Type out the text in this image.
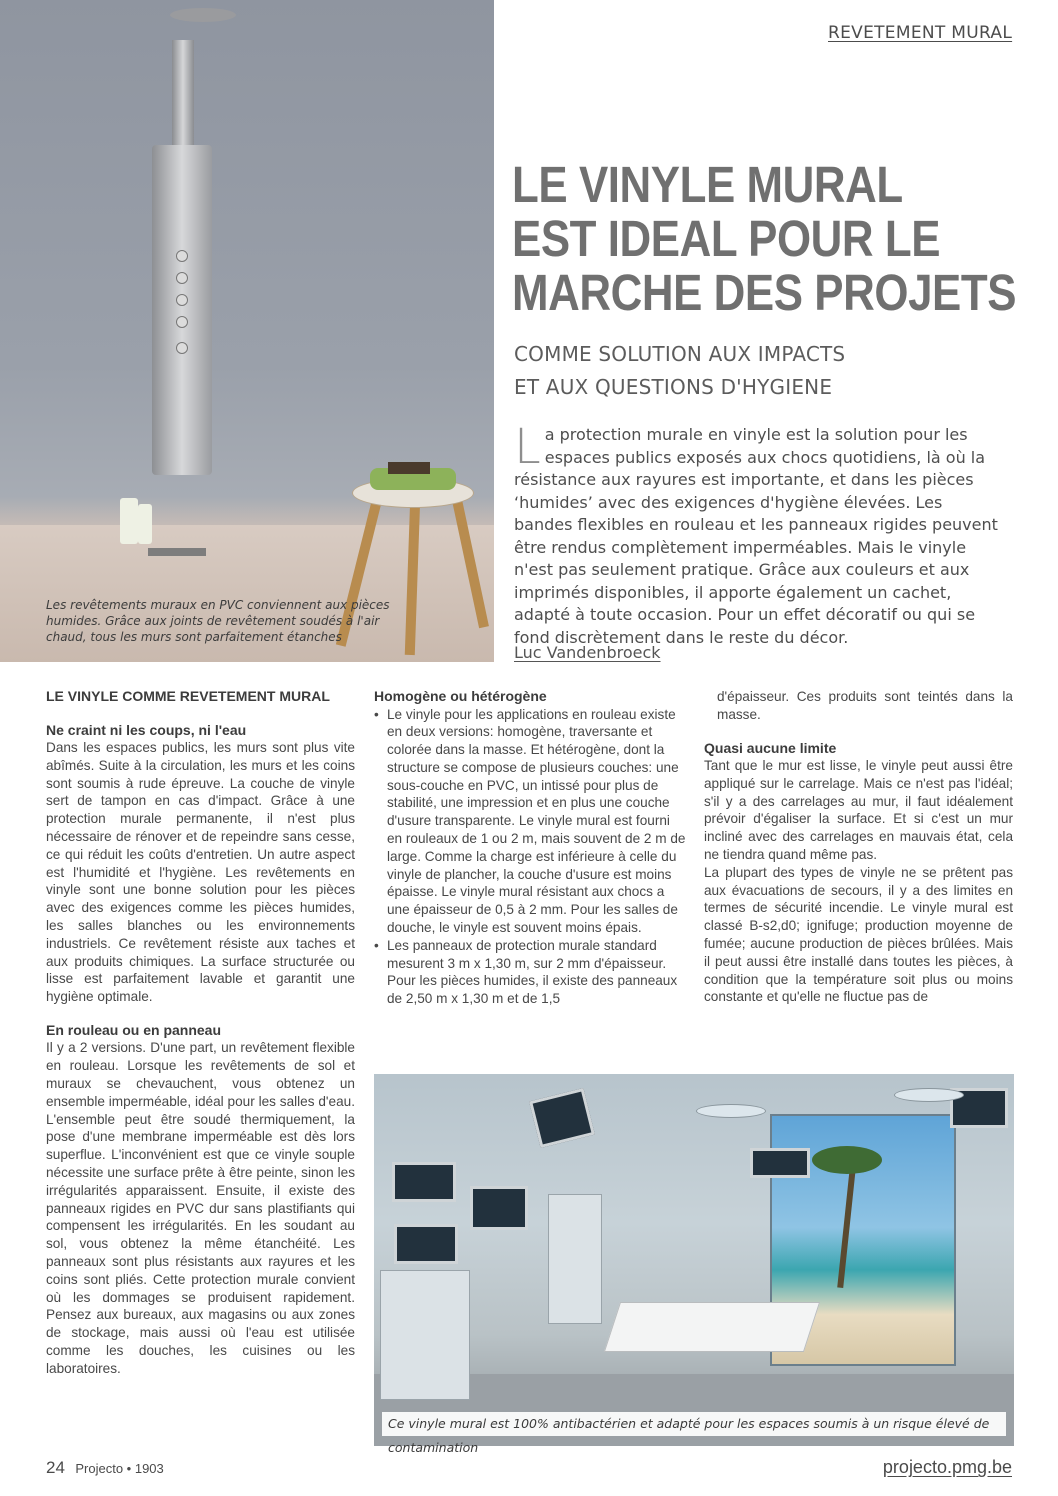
Les revêtements muraux en PVC conviennent aux pièces humides. Grâce aux joints de revêtement soudés à l'air chaud, tous les murs sont parfaitement étanches
REVETEMENT MURAL
LE VINYLE MURAL
EST IDEAL POUR LE
MARCHE DES PROJETS
COMME SOLUTION AUX IMPACTS
ET AUX QUESTIONS D'HYGIENE
L a protection murale en vinyle est la solution pour les espaces publics exposés aux chocs quotidiens, là où la résistance aux rayures est importante, et dans les pièces ‘humides’ avec des exigences d'hygiène élevées. Les bandes flexibles en rouleau et les panneaux rigides peuvent être rendus complètement imperméables. Mais le vinyle n'est pas seulement pratique. Grâce aux couleurs et aux imprimés disponibles, il apporte également un cachet, adapté à toute occasion. Pour un effet décoratif ou qui se fond discrètement dans le reste du décor.
Luc Vandenbroeck
LE VINYLE COMME REVETEMENT MURAL
Ne craint ni les coups, ni l'eau

Dans les espaces publics, les murs sont plus vite abîmés. Suite à la circulation, les murs et les coins sont soumis à rude épreuve. La couche de vinyle sert de tampon en cas d'impact. Grâce à une protection murale permanente, il n'est plus nécessaire de rénover et de repeindre sans cesse, ce qui réduit les coûts d'entretien. Un autre aspect est l'humidité et l'hygiène. Les revêtements en vinyle sont une bonne solution pour les pièces avec des exigences comme les pièces humides, les salles blanches ou les environnements industriels. Ce revêtement résiste aux taches et aux produits chimiques. La surface structurée ou lisse est parfaitement lavable et garantit une hygiène optimale.

En rouleau ou en panneau

Il y a 2 versions. D'une part, un revêtement flexible en rouleau. Lorsque les revêtements de sol et muraux se chevauchent, vous obtenez un ensemble imperméable, idéal pour les salles d'eau. L'ensemble peut être soudé thermiquement, la pose d'une membrane imperméable est dès lors superflue. L'inconvénient est que ce vinyle souple nécessite une surface prête à être peinte, sinon les irrégularités apparaissent. Ensuite, il existe des panneaux rigides en PVC dur sans plastifiants qui compensent les irrégularités. En les soudant au sol, vous obtenez la même étanchéité. Les panneaux sont plus résistants aux rayures et les coins sont pliés. Cette protection murale convient où les dommages se produisent rapidement. Pensez aux bureaux, aux magasins ou aux zones de stockage, mais aussi où l'eau est utilisée comme les douches, les cuisines ou les laboratoires.

Homogène ou hétérogène
• Le vinyle pour les applications en rouleau existe en deux versions: homogène, traversante et colorée dans la masse. Et hétérogène, dont la structure se compose de plusieurs couches: une sous-couche en PVC, un intissé pour plus de stabilité, une impression et en plus une couche d'usure transparente. Le vinyle mural est fourni en rouleaux de 1 ou 2 m, mais souvent de 2 m de large. Comme la charge est inférieure à celle du vinyle de plancher, la couche d'usure est moins épaisse. Le vinyle mural résistant aux chocs a une épaisseur de 0,5 à 2 mm. Pour les salles de douche, le vinyle est souvent moins épais.
• Les panneaux de protection murale standard mesurent 3 m x 1,30 m, sur 2 mm d'épaisseur. Pour les pièces humides, il existe des panneaux de 2,50 m x 1,30 m et de 1,5

d'épaisseur. Ces produits sont teintés dans la masse.

Quasi aucune limite

Tant que le mur est lisse, le vinyle peut aussi être appliqué sur le carrelage. Mais ce n'est pas l'idéal; s'il y a des carrelages au mur, il faut idéalement prévoir d'égaliser la surface. Et si c'est un mur incliné avec des carrelages en mauvais état, cela ne tiendra quand même pas.

La plupart des types de vinyle ne se prêtent pas aux évacuations de secours, il y a des limites en termes de sécurité incendie. Le vinyle mural est classé B-s2,d0; ignifuge; production moyenne de fumée; aucune production de pièces brûlées. Mais il peut aussi être installé dans toutes les pièces, à condition que la température soit plus ou moins constante et qu'elle ne fluctue pas de

Ce vinyle mural est 100% antibactérien et adapté pour les espaces soumis à un risque élevé de contamination
24 Projecto • 1903	projecto.pmg.be
